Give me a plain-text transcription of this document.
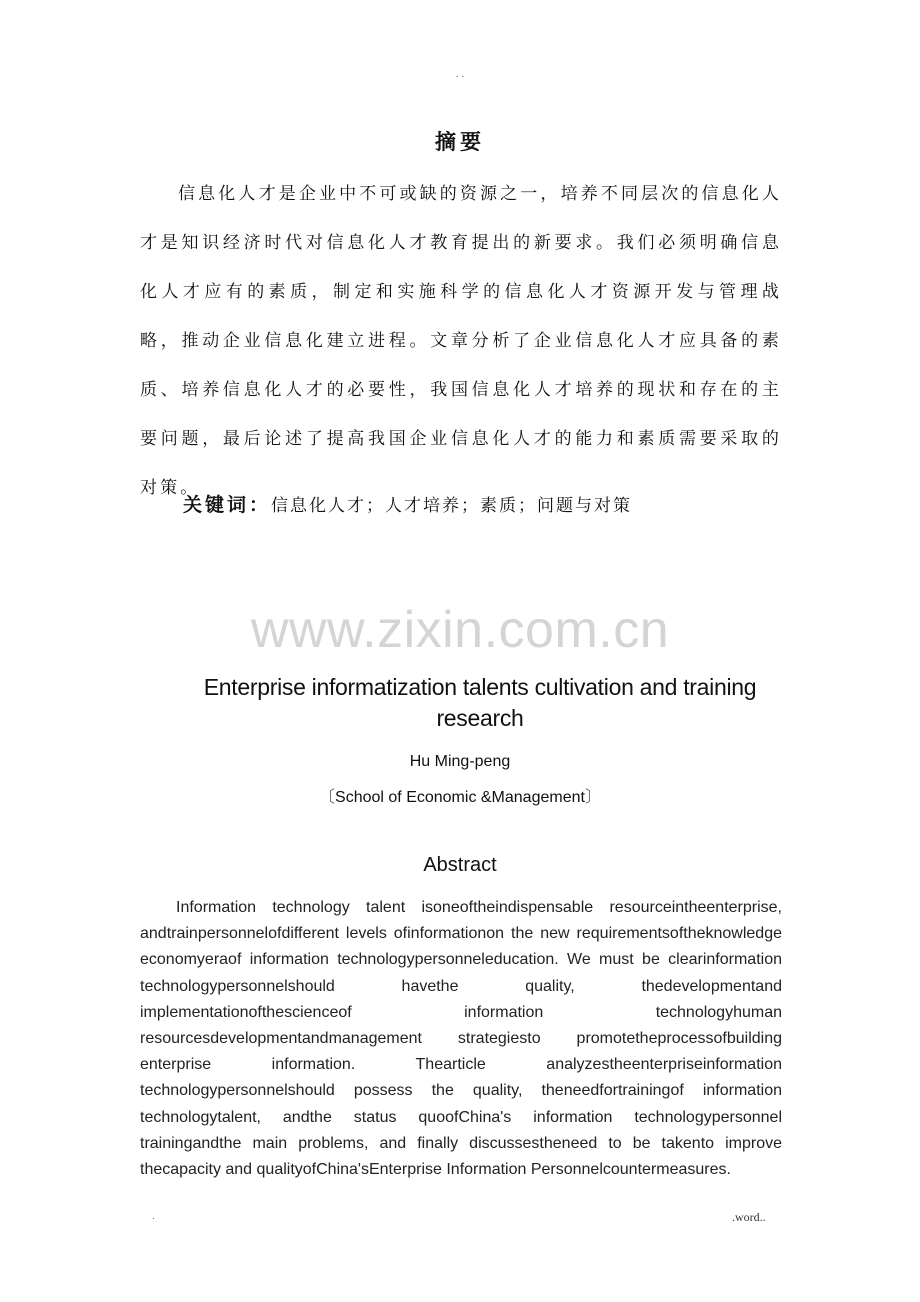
. .
摘要

信息化人才是企业中不可或缺的资源之一，培养不同层次的信息化人才是知识经济时代对信息化人才教育提出的新要求。我们必须明确信息化人才应有的素质，制定和实施科学的信息化人才资源开发与管理战略，推动企业信息化建立进程。文章分析了企业信息化人才应具备的素质、培养信息化人才的必要性，我国信息化人才培养的现状和存在的主要问题，最后论述了提高我国企业信息化人才的能力和素质需要采取的对策。

关键词：信息化人才；人才培养；素质；问题与对策
www.zixin.com.cn
Enterprise informatization talents cultivation and training research
Hu Ming-peng
〔School of Economic &Management〕
Abstract

Information technology talent isoneoftheindispensable resourceintheenterprise, andtrainpersonnelofdifferent levels ofinformationon the new requirementsoftheknowledge economyeraof information technologypersonneleducation. We must be clearinformation technologypersonnelshould havethe quality, thedevelopmentand implementationofthescienceof information technologyhuman resourcesdevelopmentandmanagement strategiesto promotetheprocessofbuilding enterprise information. Thearticle analyzestheenterpriseinformation technologypersonnelshould possess the quality, theneedfortrainingof information technologytalent, andthe status quoofChina's information technologypersonnel trainingandthe main problems, and finally discussestheneed to be takento improve thecapacity and qualityofChina'sEnterprise Information Personnelcountermeasures.

.	.word..
